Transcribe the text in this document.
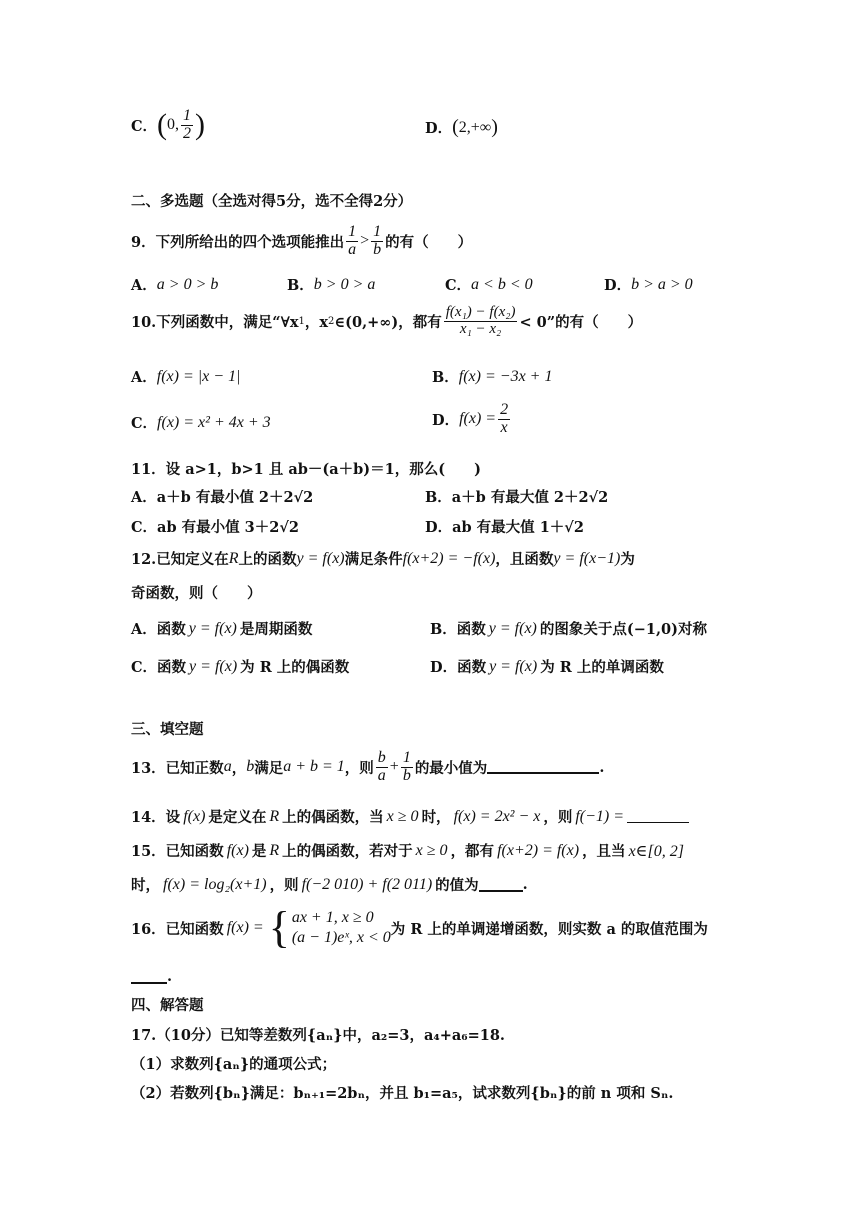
C． ( 0, $\frac{1}{2}$ )	D． ( 2,+∞ )
二、多选题（全选对得5分，选不全得2分）
9．下列所给出的四个选项能推出 $\frac{1}{a} > \frac{1}{b}$ 的有（　　）
A． a > 0 > b	B． b > 0 > a	C． a < b < 0	D． b > a > 0
10.下列函数中，满足“∀x 1 ，x 2 ∈(0,+∞)，都有 $\frac{\text{f(x₁) − f(x₂)}}{\text{x₁ − x₂}} < 0$”的有（　　）
A． f(x) = |x − 1|	B． f(x) = −3x + 1
C． f(x) = x² + 4x + 3	D． $f(x) = \frac{2}{x}$
11．设 a>1，b>1 且 ab－(a＋b)＝1，那么(　　)
A． a＋b 有最小值 2＋2√2	B． a＋b 有最大值 2＋2√2
C． ab 有最小值 3＋2√2	D． ab 有最大值 1＋√2
12.已知定义在 R 上的函数 y = f(x) 满足条件 f(x+2) = −f(x) ，且函数 y = f(x−1) 为
奇函数，则（　　）
A． 函数 y = f(x) 是周期函数	B． 函数 y = f(x) 的图象关于点(−1,0)对称
C． 函数 y = f(x) 为 R 上的偶函数	D． 函数 y = f(x) 为 R 上的单调函数
三、填空题
13．已知正数 a ， b 满足 a + b = 1 ，则 $\frac{b}{a} + \frac{1}{b}$ 的最小值为	.
14．设 f(x) 是定义在 R 上的偶函数，当 x ≥ 0 时， f(x) = 2x² − x ，则 f(−1) =
15．已知函数 f(x) 是 R 上的偶函数，若对于 x ≥ 0 ，都有 f(x+2) = f(x) ，且当 x∈[0, 2]
时， f(x) = log₂(x+1) ，则 f(−2 010) + f(2 011) 的值为	.
16．已知函数 f(x) = { ax + 1, x ≥ 0
(a − 1)eˣ, x < 0 为 R 上的单调递增函数，则实数 a 的取值范围为
.
四、解答题
17.（10分）已知等差数列{aₙ}中，a₂=3，a₄+a₆=18.
（1）求数列{aₙ}的通项公式；
（2）若数列{bₙ}满足：bₙ₊₁=2bₙ，并且 b₁=a₅，试求数列{bₙ}的前 n 项和 Sₙ.
